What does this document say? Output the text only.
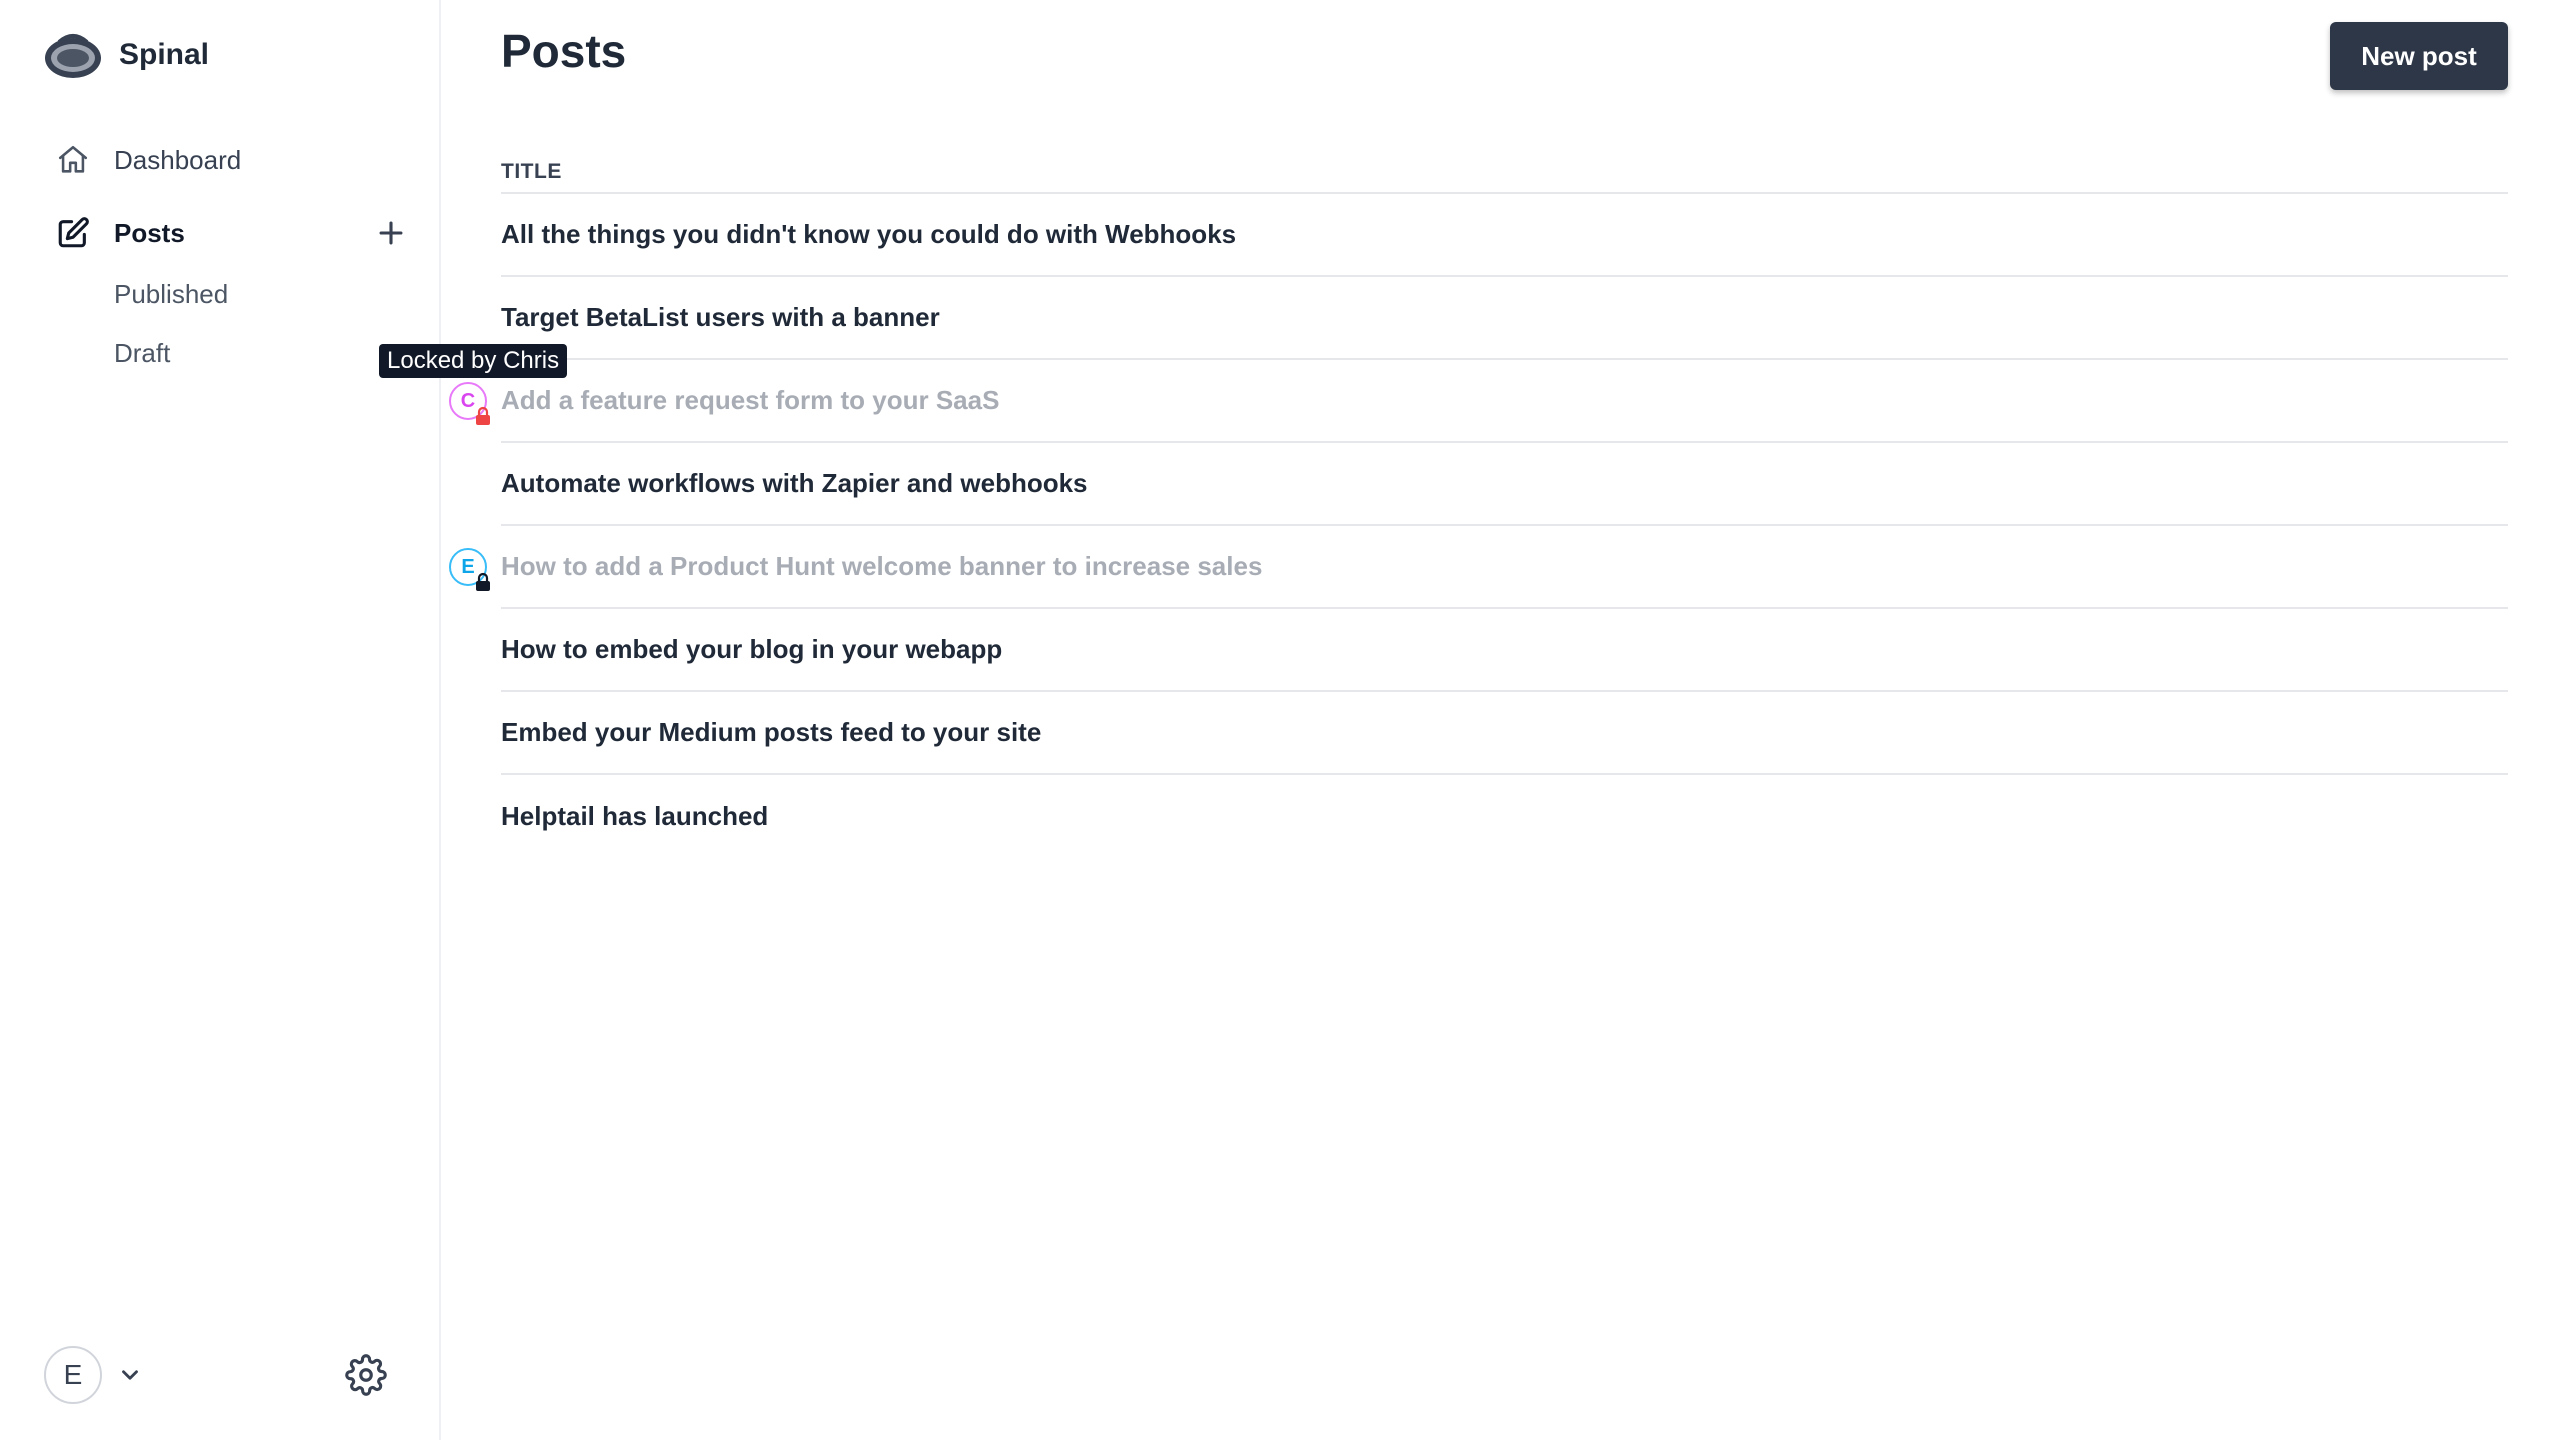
Spinal
Dashboard
Posts
Published
Draft
E
Posts	New post
TITLE
All the things you didn't know you could do with Webhooks
Target BetaList users with a banner
C Add a feature request form to your SaaS
Automate workflows with Zapier and webhooks
E	How to add a Product Hunt welcome banner to increase sales
How to embed your blog in your webapp
Embed your Medium posts feed to your site
Helptail has launched
Locked by Chris
